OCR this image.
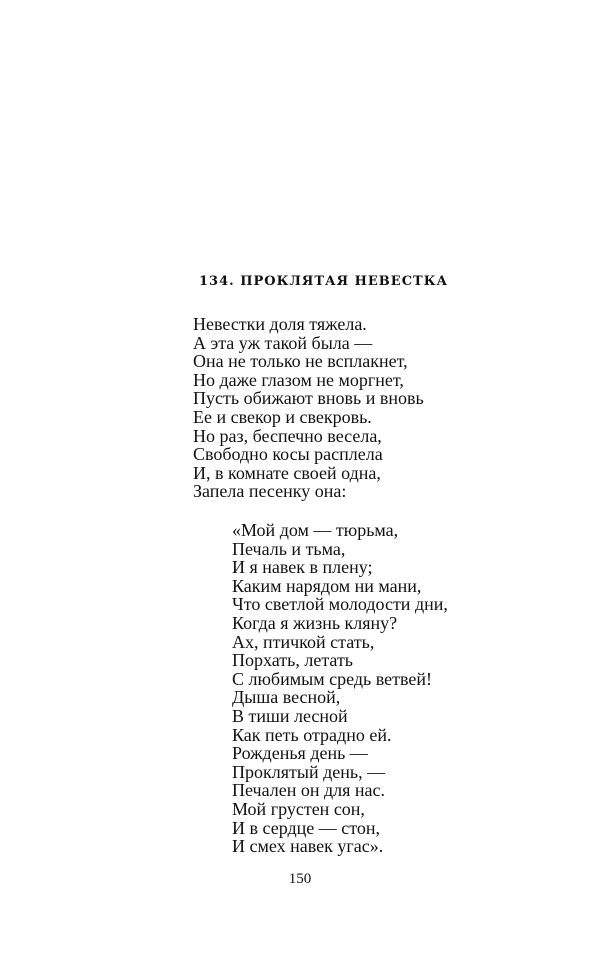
134. ПРОКЛЯТАЯ НЕВЕСТКА
Невестки доля тяжела.
А эта уж такой была —
Она не только не всплакнет,
Но даже глазом не моргнет,
Пусть обижают вновь и вновь
Ее и свекор и свекровь.
Но раз, беспечно весела,
Свободно косы расплела
И, в комнате своей одна,
Запела песенку она:
«Мой дом — тюрьма,
Печаль и тьма,
И я навек в плену;
Каким нарядом ни мани,
Что светлой молодости дни,
Когда я жизнь кляну?
Ах, птичкой стать,
Порхать, летать
С любимым средь ветвей!
Дыша весной,
В тиши лесной
Как петь отрадно ей.
Рожденья день —
Проклятый день, —
Печален он для нас.
Мой грустен сон,
И в сердце — стон,
И смех навек угас».
150
